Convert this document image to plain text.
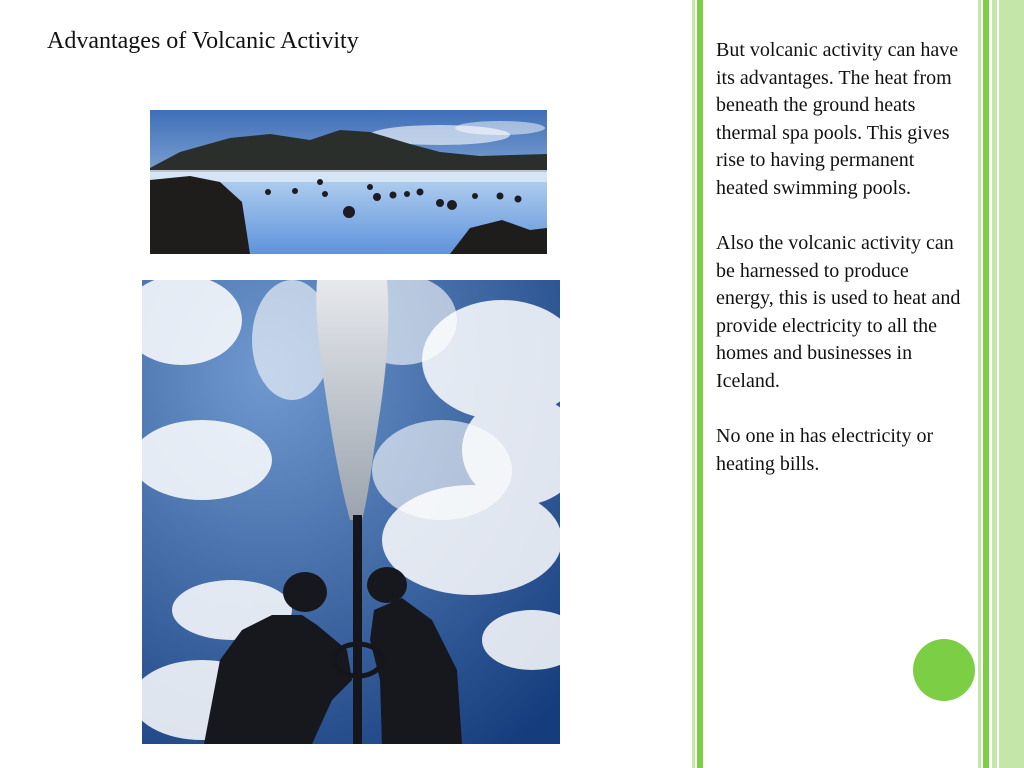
Advantages of Volcanic Activity	But volcanic activity can have its advantages. The heat from beneath the ground heats thermal spa pools. This gives rise to having permanent heated swimming pools.

Also the volcanic activity can be harnessed to produce energy, this is used to heat and provide electricity to all the homes and businesses in Iceland.

No one in has electricity or heating bills.
